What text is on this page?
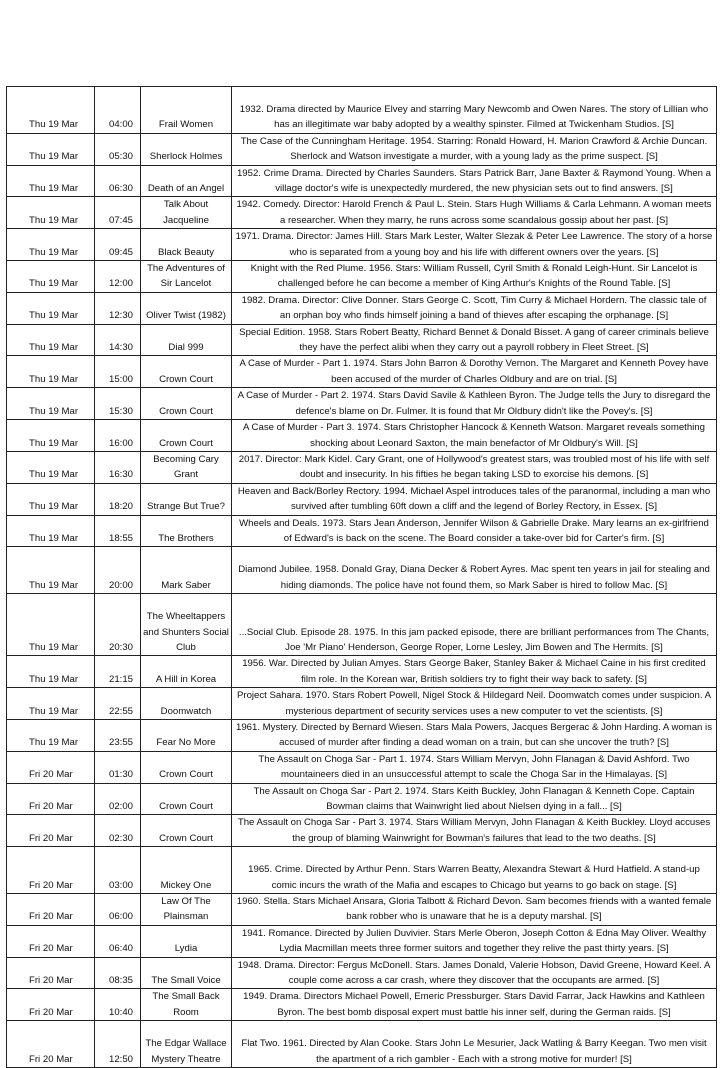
Thu 19 Mar	04:00	Frail Women	1932. Drama directed by Maurice Elvey and starring Mary Newcomb and Owen Nares. The story of Lillian who has an illegitimate war baby adopted by a wealthy spinster. Filmed at Twickenham Studios. [S]
Thu 19 Mar	05:30	Sherlock Holmes	The Case of the Cunningham Heritage. 1954. Starring: Ronald Howard, H. Marion Crawford & Archie Duncan. Sherlock and Watson investigate a murder, with a young lady as the prime suspect. [S]
Thu 19 Mar	06:30	Death of an Angel	1952. Crime Drama. Directed by Charles Saunders. Stars Patrick Barr, Jane Baxter & Raymond Young. When a village doctor's wife is unexpectedly murdered, the new physician sets out to find answers. [S]
Thu 19 Mar	07:45	Talk About Jacqueline	1942. Comedy. Director: Harold French & Paul L. Stein. Stars Hugh Williams & Carla Lehmann. A woman meets a researcher. When they marry, he runs across some scandalous gossip about her past. [S]
Thu 19 Mar	09:45	Black Beauty	1971. Drama. Director: James Hill. Stars Mark Lester, Walter Slezak & Peter Lee Lawrence. The story of a horse who is separated from a young boy and his life with different owners over the years. [S]
Thu 19 Mar	12:00	The Adventures of Sir Lancelot	Knight with the Red Plume. 1956. Stars: William Russell, Cyril Smith & Ronald Leigh-Hunt. Sir Lancelot is challenged before he can become a member of King Arthur's Knights of the Round Table. [S]
Thu 19 Mar	12:30	Oliver Twist (1982)	1982. Drama. Director: Clive Donner. Stars George C. Scott, Tim Curry & Michael Hordern. The classic tale of an orphan boy who finds himself joining a band of thieves after escaping the orphanage. [S]
Thu 19 Mar	14:30	Dial 999	Special Edition. 1958. Stars Robert Beatty, Richard Bennet & Donald Bisset. A gang of career criminals believe they have the perfect alibi when they carry out a payroll robbery in Fleet Street. [S]
Thu 19 Mar	15:00	Crown Court	A Case of Murder - Part 1. 1974. Stars John Barron & Dorothy Vernon. The Margaret and Kenneth Povey have been accused of the murder of Charles Oldbury and are on trial. [S]
Thu 19 Mar	15:30	Crown Court	A Case of Murder - Part 2. 1974. Stars David Savile & Kathleen Byron. The Judge tells the Jury to disregard the defence's blame on Dr. Fulmer. It is found that Mr Oldbury didn't like the Povey's. [S]
Thu 19 Mar	16:00	Crown Court	A Case of Murder - Part 3. 1974. Stars Christopher Hancock & Kenneth Watson. Margaret reveals something shocking about Leonard Saxton, the main benefactor of Mr Oldbury's Will. [S]
Thu 19 Mar	16:30	Becoming Cary Grant	2017. Director: Mark Kidel. Cary Grant, one of Hollywood's greatest stars, was troubled most of his life with self doubt and insecurity. In his fifties he began taking LSD to exorcise his demons. [S]
Thu 19 Mar	18:20	Strange But True?	Heaven and Back/Borley Rectory. 1994. Michael Aspel introduces tales of the paranormal, including a man who survived after tumbling 60ft down a cliff and the legend of Borley Rectory, in Essex. [S]
Thu 19 Mar	18:55	The Brothers	Wheels and Deals. 1973. Stars Jean Anderson, Jennifer Wilson & Gabrielle Drake. Mary learns an ex-girlfriend of Edward's is back on the scene. The Board consider a take-over bid for Carter's firm. [S]
Thu 19 Mar	20:00	Mark Saber	Diamond Jubilee. 1958. Donald Gray, Diana Decker & Robert Ayres. Mac spent ten years in jail for stealing and hiding diamonds. The police have not found them, so Mark Saber is hired to follow Mac. [S]
Thu 19 Mar	20:30	The Wheeltappers and Shunters Social Club	...Social Club. Episode 28. 1975. In this jam packed episode, there are brilliant performances from The Chants, Joe 'Mr Piano' Henderson, George Roper, Lorne Lesley, Jim Bowen and The Hermits. [S]
Thu 19 Mar	21:15	A Hill in Korea	1956. War. Directed by Julian Amyes. Stars George Baker, Stanley Baker & Michael Caine in his first credited film role. In the Korean war, British soldiers try to fight their way back to safety. [S]
Thu 19 Mar	22:55	Doomwatch	Project Sahara. 1970. Stars Robert Powell, Nigel Stock & Hildegard Neil. Doomwatch comes under suspicion. A mysterious department of security services uses a new computer to vet the scientists. [S]
Thu 19 Mar	23:55	Fear No More	1961. Mystery. Directed by Bernard Wiesen. Stars Mala Powers, Jacques Bergerac & John Harding. A woman is accused of murder after finding a dead woman on a train, but can she uncover the truth? [S]
Fri 20 Mar	01:30	Crown Court	The Assault on Choga Sar - Part 1. 1974. Stars William Mervyn, John Flanagan & David Ashford. Two mountaineers died in an unsuccessful attempt to scale the Choga Sar in the Himalayas. [S]
Fri 20 Mar	02:00	Crown Court	The Assault on Choga Sar - Part 2. 1974. Stars Keith Buckley, John Flanagan & Kenneth Cope. Captain Bowman claims that Wainwright lied about Nielsen dying in a fall... [S]
Fri 20 Mar	02:30	Crown Court	The Assault on Choga Sar - Part 3. 1974. Stars William Mervyn, John Flanagan & Keith Buckley. Lloyd accuses the group of blaming Wainwright for Bowman's failures that lead to the two deaths. [S]
Fri 20 Mar	03:00	Mickey One	1965. Crime. Directed by Arthur Penn. Stars Warren Beatty, Alexandra Stewart & Hurd Hatfield. A stand-up comic incurs the wrath of the Mafia and escapes to Chicago but yearns to go back on stage. [S]
Fri 20 Mar	06:00	Law Of The Plainsman	1960. Stella. Stars Michael Ansara, Gloria Talbott & Richard Devon. Sam becomes friends with a wanted female bank robber who is unaware that he is a deputy marshal. [S]
Fri 20 Mar	06:40	Lydia	1941. Romance. Directed by Julien Duvivier. Stars Merle Oberon, Joseph Cotton & Edna May Oliver. Wealthy Lydia Macmillan meets three former suitors and together they relive the past thirty years. [S]
Fri 20 Mar	08:35	The Small Voice	1948. Drama. Director: Fergus McDonell. Stars. James Donald, Valerie Hobson, David Greene, Howard Keel. A couple come across a car crash, where they discover that the occupants are armed. [S]
Fri 20 Mar	10:40	The Small Back Room	1949. Drama. Directors Michael Powell, Emeric Pressburger. Stars David Farrar, Jack Hawkins and Kathleen Byron. The best bomb disposal expert must battle his inner self, during the German raids. [S]
Fri 20 Mar	12:50	The Edgar Wallace Mystery Theatre	Flat Two. 1961. Directed by Alan Cooke. Stars John Le Mesurier, Jack Watling & Barry Keegan. Two men visit the apartment of a rich gambler - Each with a strong motive for murder! [S]
